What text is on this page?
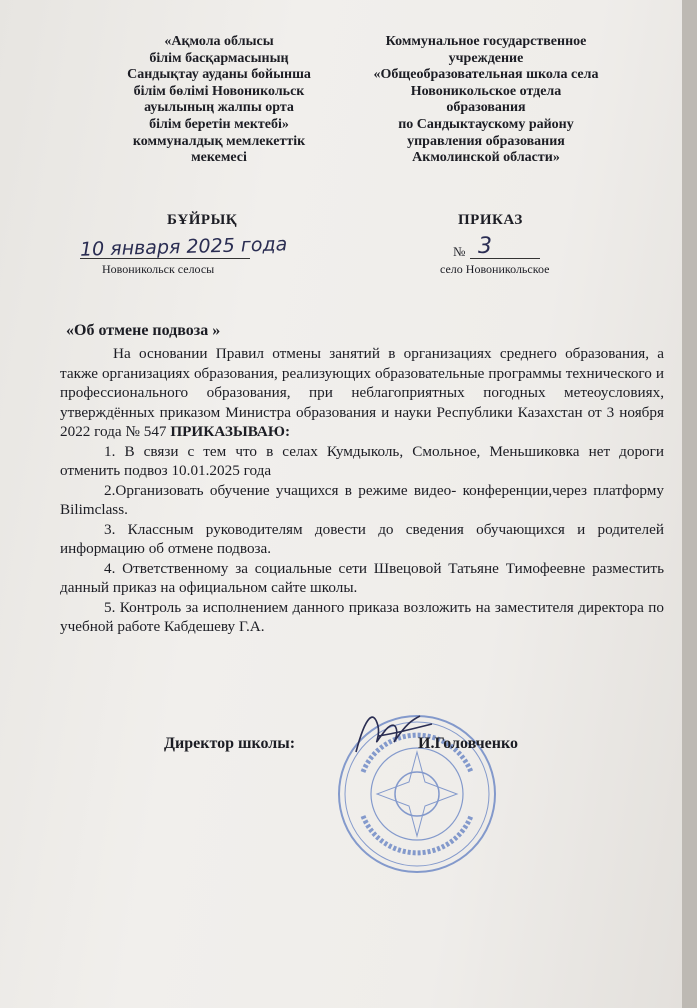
«Ақмола облысы
білім басқармасының
Сандықтау ауданы бойынша
білім бөлімі Новоникольск
ауылының жалпы орта
білім беретін мектебі»
коммуналдық мемлекеттік
мекемесі
Коммунальное государственное
учреждение
«Общеобразовательная школа села
Новоникольское отдела
образования
по Сандыктаускому району
управления образования
Акмолинской области»
БҰЙРЫҚ	ПРИКАЗ
10 января 2025 года	№ 3
Новоникольск селосы	село Новоникольское
«Об отмене подвоза »

На основании Правил отмены занятий в организациях среднего образования, а также организациях образования, реализующих образовательные программы технического и профессионального образования, при неблагоприятных погодных метеоусловиях, утверждённых приказом Министра образования и науки Республики Казахстан от 3 ноября 2022 года № 547 ПРИКАЗЫВАЮ:

1. В связи с тем что в селах Кумдыколь, Смольное, Меньшиковка нет дороги отменить подвоз 10.01.2025 года

2.Организовать обучение учащихся в режиме видео- конференции,через платформу Bilimclass.

3. Классным руководителям довести до сведения обучающихся и родителей информацию об отмене подвоза.

4. Ответственному за социальные сети Швецовой Татьяне Тимофеевне разместить данный приказ на официальном сайте школы.

5. Контроль за исполнением данного приказа возложить на заместителя директора по учебной работе Кабдешеву Г.А.

Директор школы:	И.Головченко
